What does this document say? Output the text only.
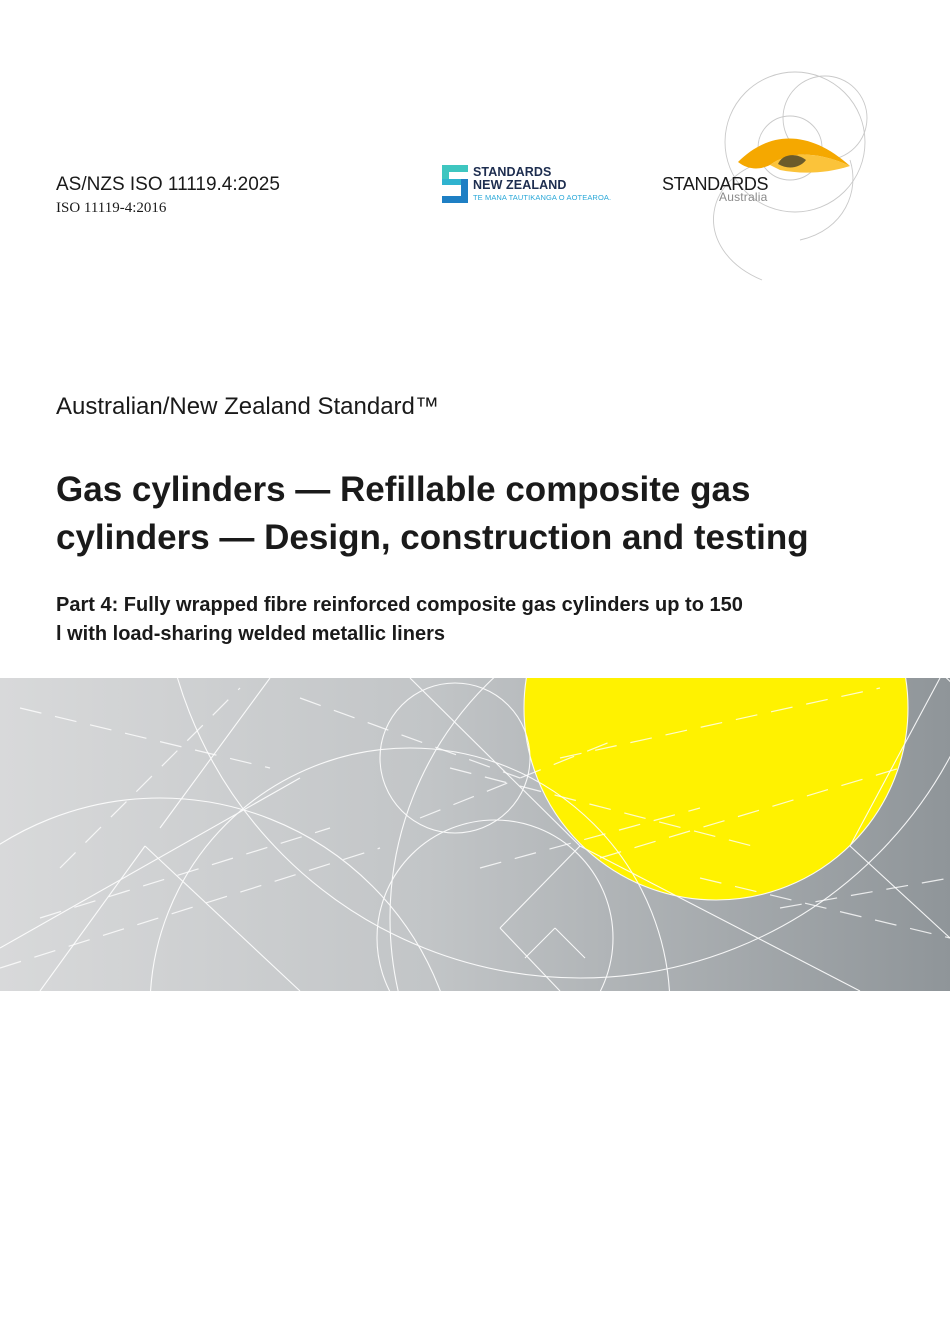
AS/NZS ISO 11119.4:2025
ISO 11119-4:2016
STANDARDS
NEW ZEALAND
TE MANA TAUTIKANGA O AOTEAROA.
STANDARDS
Australia
Australian/New Zealand Standard™
Gas cylinders — Refillable composite gas
cylinders — Design, construction and testing
Part 4: Fully wrapped fibre reinforced composite gas cylinders up to 150
l with load-sharing welded metallic liners
